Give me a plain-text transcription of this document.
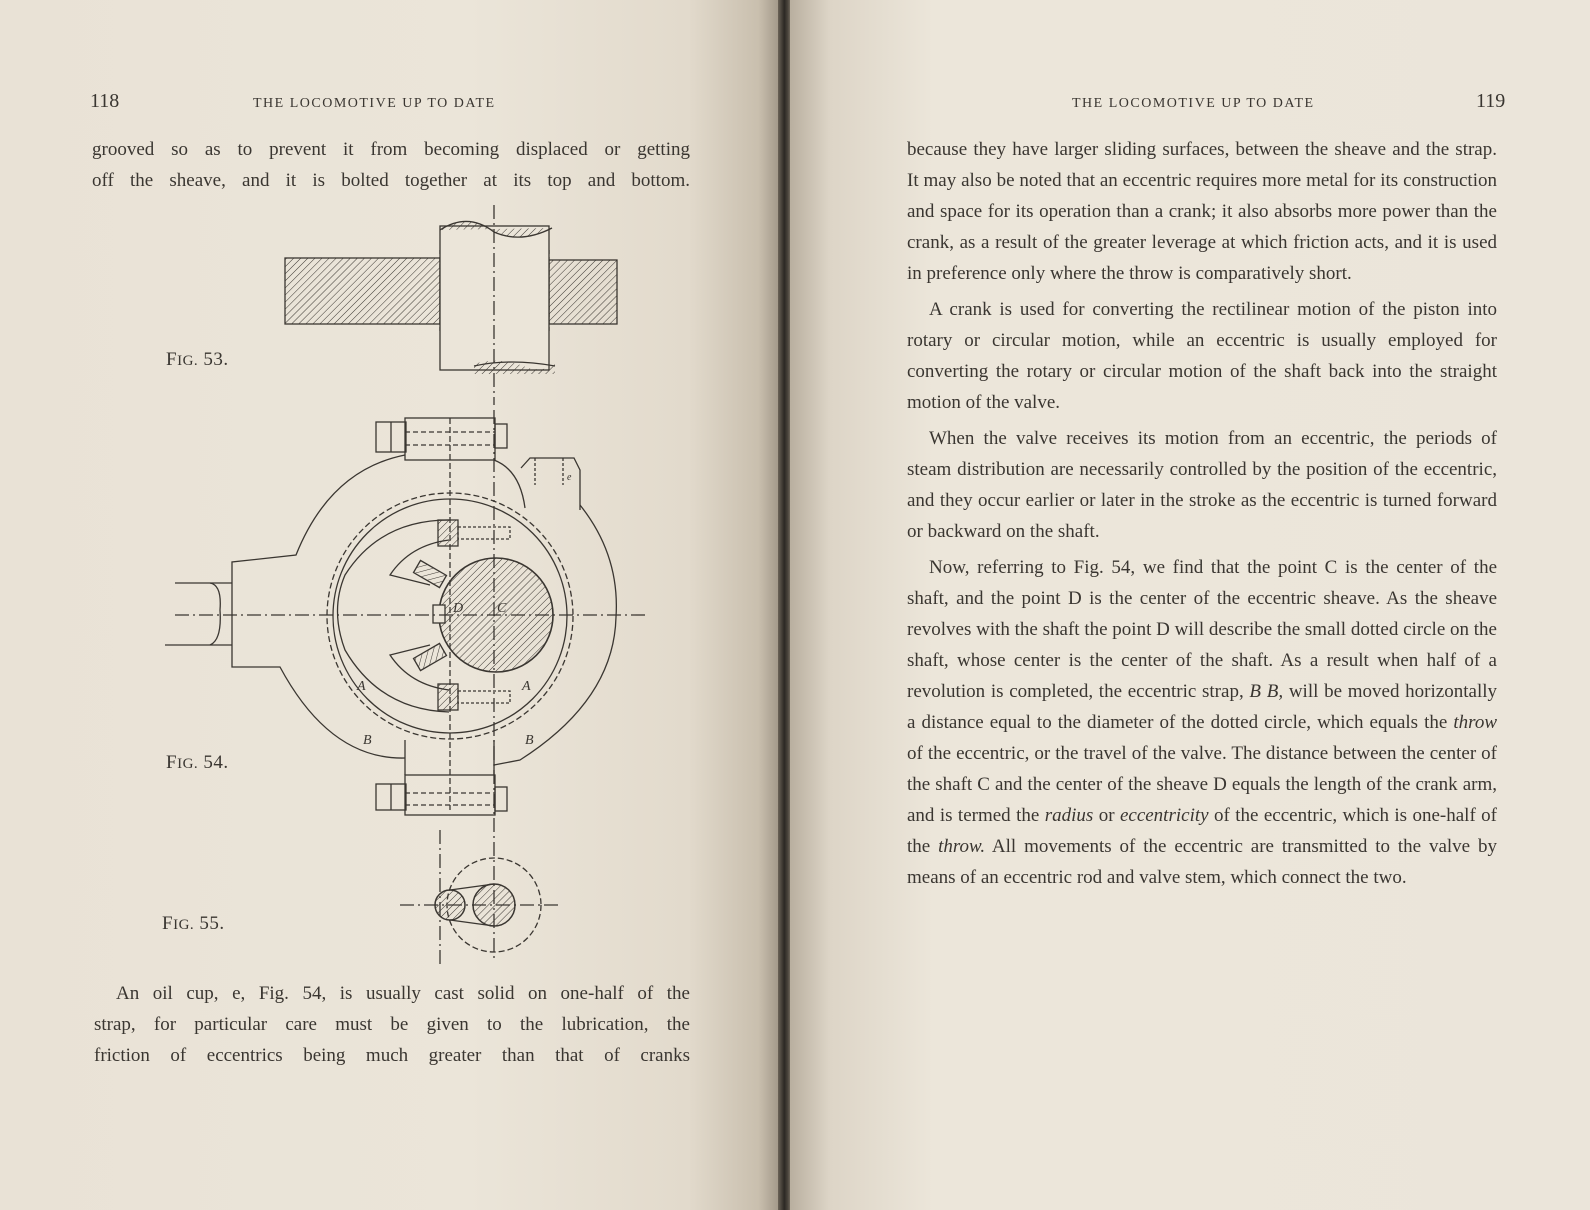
118	THE LOCOMOTIVE UP TO DATE

grooved so as to prevent it from becoming displaced or getting

off the sheave, and it is bolted together at its top and bottom.

A	A
B	B
C
D
e
FIG. 53.
FIG. 54.
FIG. 55.

An oil cup, e, Fig. 54, is usually cast solid on one-half of the

strap, for particular care must be given to the lubrication, the

friction of eccentrics being much greater than that of cranks

THE LOCOMOTIVE UP TO DATE	119

because they have larger sliding surfaces, between the sheave and the strap. It may also be noted that an eccentric requires more metal for its construction and space for its operation than a crank; it also absorbs more power than the crank, as a result of the greater leverage at which friction acts, and it is used in preference only where the throw is comparatively short.

A crank is used for converting the rectilinear motion of the piston into rotary or circular motion, while an eccentric is usually employed for converting the rotary or circular motion of the shaft back into the straight motion of the valve.

When the valve receives its motion from an eccentric, the periods of steam distribution are necessarily controlled by the position of the eccentric, and they occur earlier or later in the stroke as the eccentric is turned forward or backward on the shaft.

Now, referring to Fig. 54, we find that the point C is the center of the shaft, and the point D is the center of the eccentric sheave. As the sheave revolves with the shaft the point D will describe the small dotted circle on the shaft, whose center is the center of the shaft. As a result when half of a revolution is completed, the eccentric strap, B B, will be moved horizontally a distance equal to the diameter of the dotted circle, which equals the throw of the eccentric, or the travel of the valve. The distance between the center of the shaft C and the center of the sheave D equals the length of the crank arm, and is termed the radius or eccentricity of the eccentric, which is one-half of the throw. All movements of the eccentric are transmitted to the valve by means of an eccentric rod and valve stem, which connect the two.
